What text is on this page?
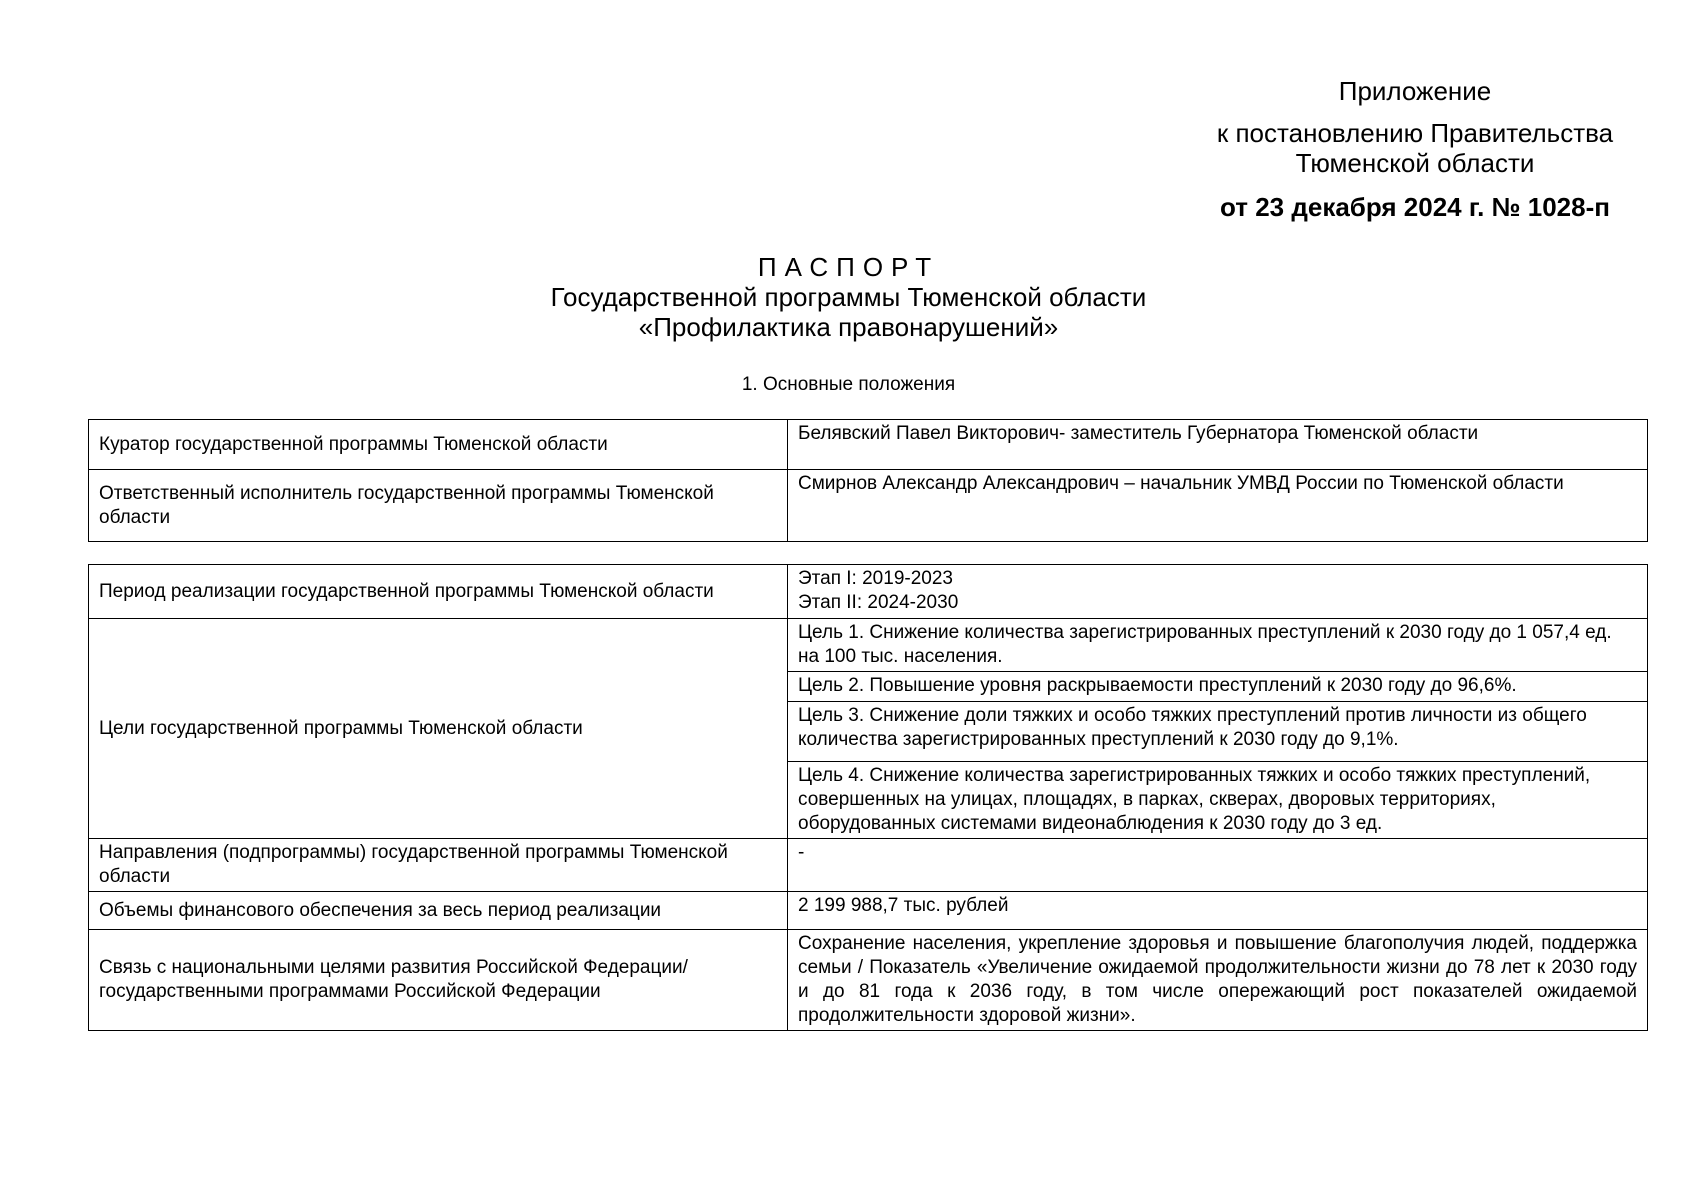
Приложение
к постановлению Правительства
Тюменской области
от 23 декабря 2024 г. № 1028-п
ПАСПОРТ
Государственной программы Тюменской области
«Профилактика правонарушений»
1. Основные положения
Куратор государственной программы Тюменской области	Белявский Павел Викторович- заместитель Губернатора Тюменской области
Ответственный исполнитель государственной программы Тюменской области	Смирнов Александр Александрович – начальник УМВД России по Тюменской области
Период реализации государственной программы Тюменской области	Этап I: 2019-2023
Этап II: 2024-2030

Цели государственной программы Тюменской области	Цель 1. Снижение количества зарегистрированных преступлений к 2030 году до 1 057,4 ед. на 100 тыс. населения.
	Цель 2. Повышение уровня раскрываемости преступлений к 2030 году до 96,6%.
	Цель 3. Снижение доли тяжких и особо тяжких преступлений против личности из общего количества зарегистрированных преступлений к 2030 году до 9,1%.
	Цель 4. Снижение количества зарегистрированных тяжких и особо тяжких преступлений, совершенных на улицах, площадях, в парках, скверах, дворовых территориях, оборудованных системами видеонаблюдения к 2030 году до 3 ед.
Направления (подпрограммы) государственной программы Тюменской области	-
Объемы финансового обеспечения за весь период реализации	2 199 988,7 тыс. рублей
Связь с национальными целями развития Российской Федерации/ государственными программами Российской Федерации	Сохранение населения, укрепление здоровья и повышение благополучия людей, поддержка семьи / Показатель «Увеличение ожидаемой продолжительности жизни до 78 лет к 2030 году и до 81 года к 2036 году, в том числе опережающий рост показателей ожидаемой продолжительности здоровой жизни».
